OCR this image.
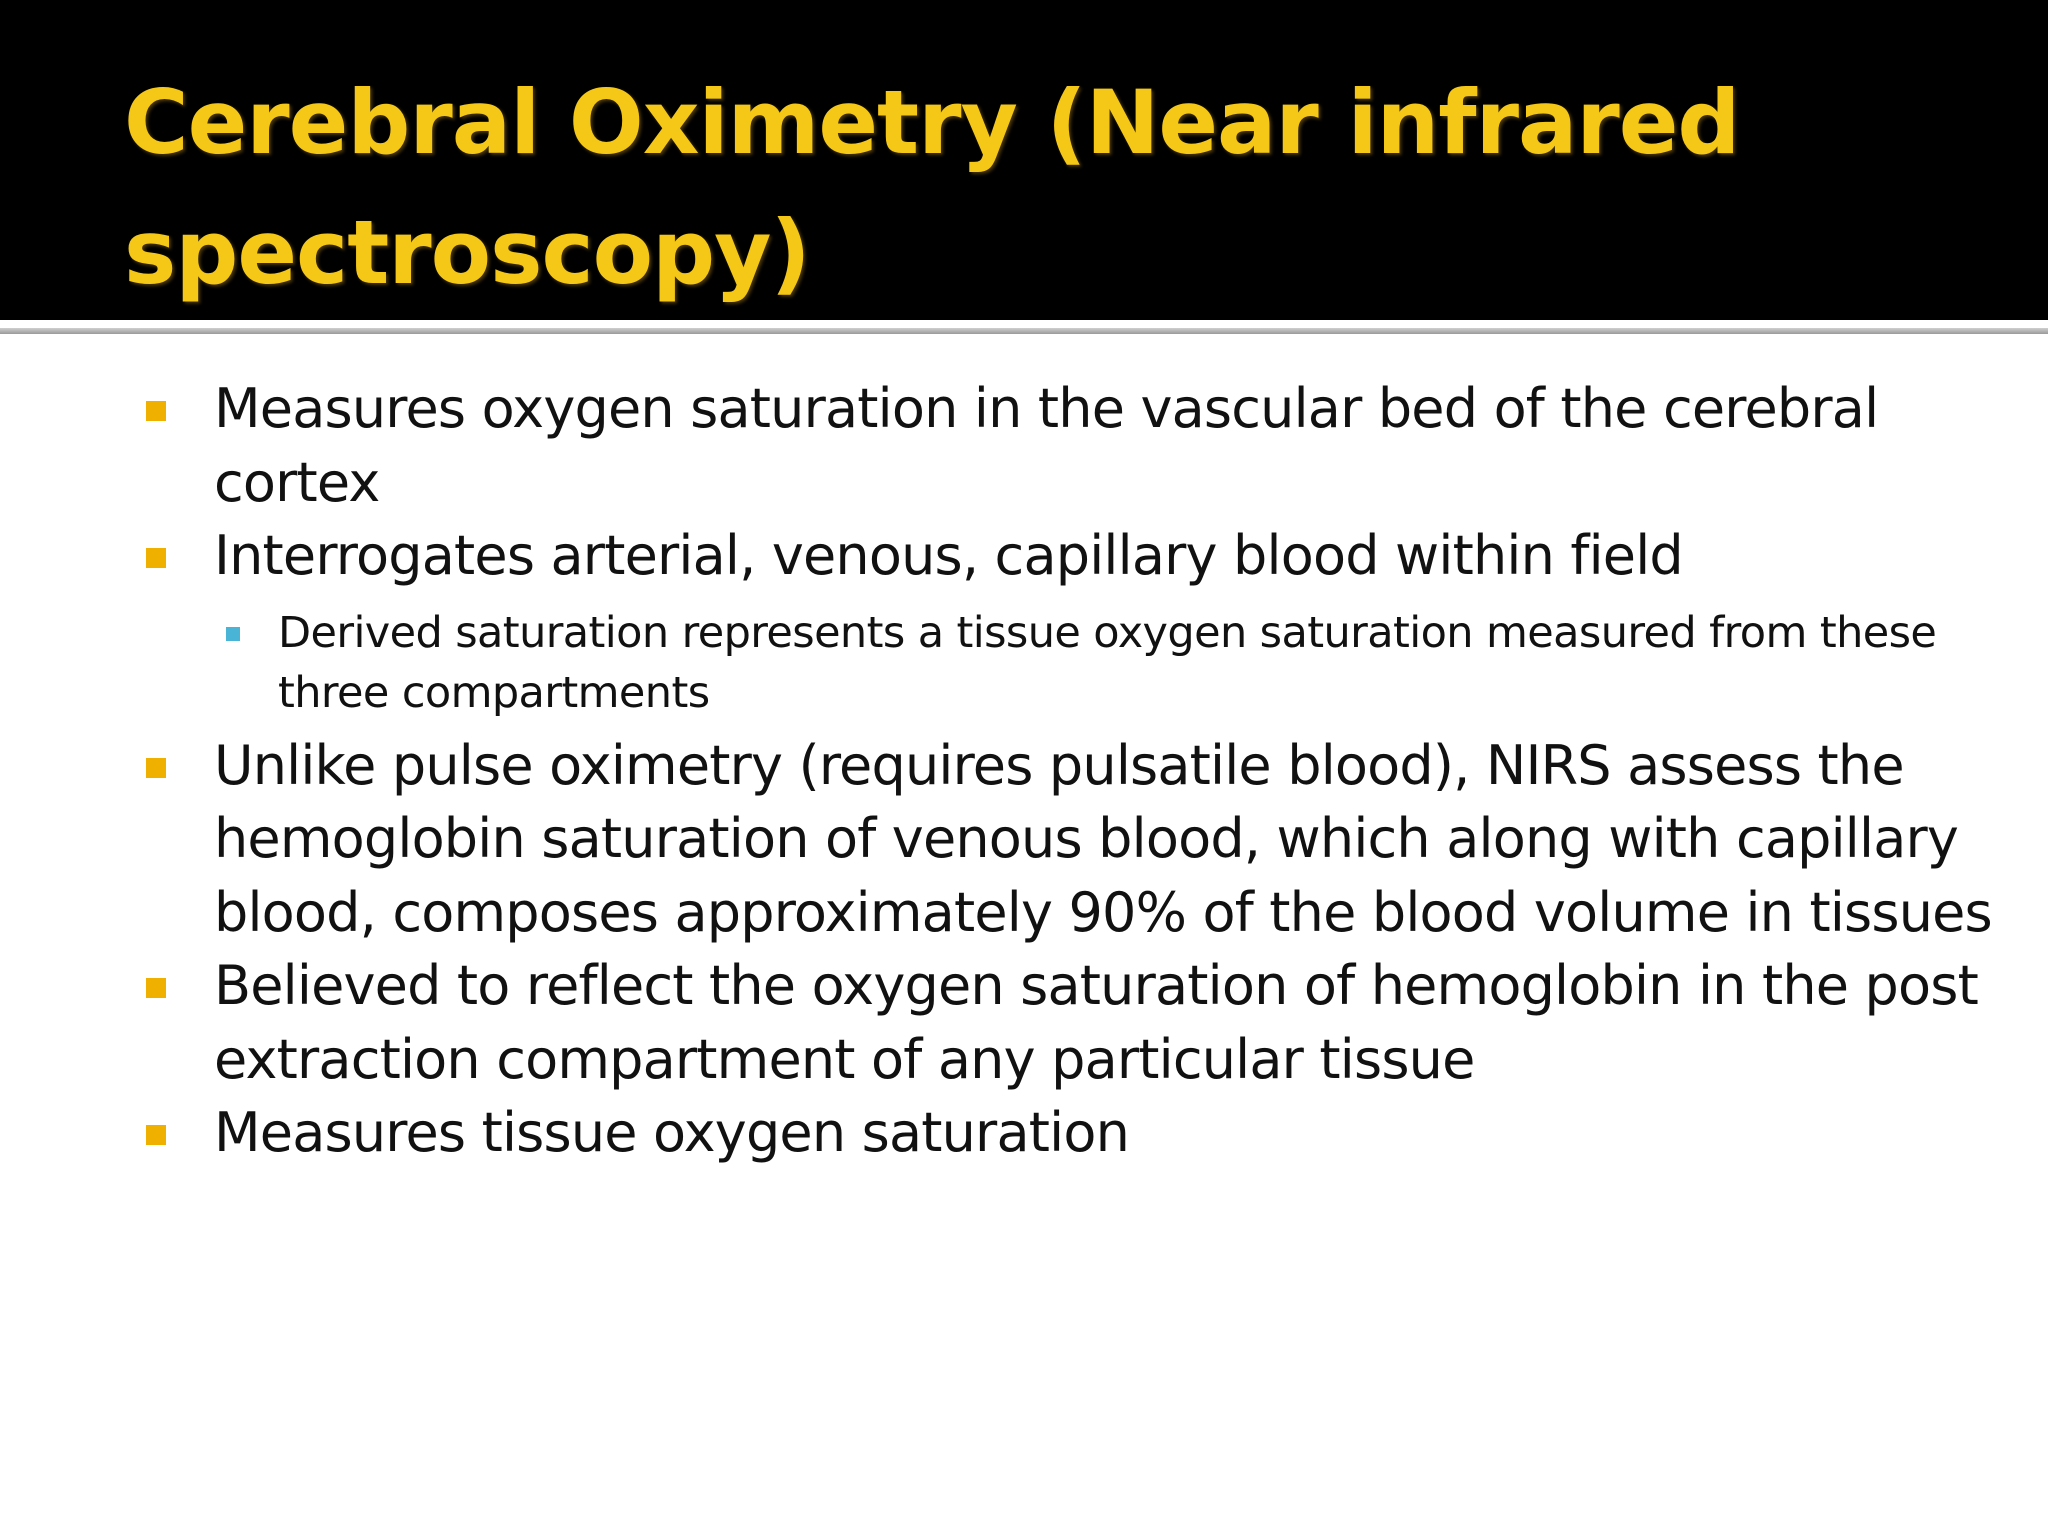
Cerebral Oximetry (Near infrared spectroscopy)
Measures oxygen saturation in the vascular bed of the cerebral cortex
Interrogates arterial, venous, capillary blood within field
Derived saturation represents a tissue oxygen saturation measured from these three compartments
Unlike pulse oximetry (requires pulsatile blood), NIRS assess the hemoglobin saturation of venous blood, which along with capillary blood, composes approximately 90% of the blood volume in tissues
Believed to reflect the oxygen saturation of hemoglobin in the post extraction compartment of any particular tissue
Measures tissue oxygen saturation
